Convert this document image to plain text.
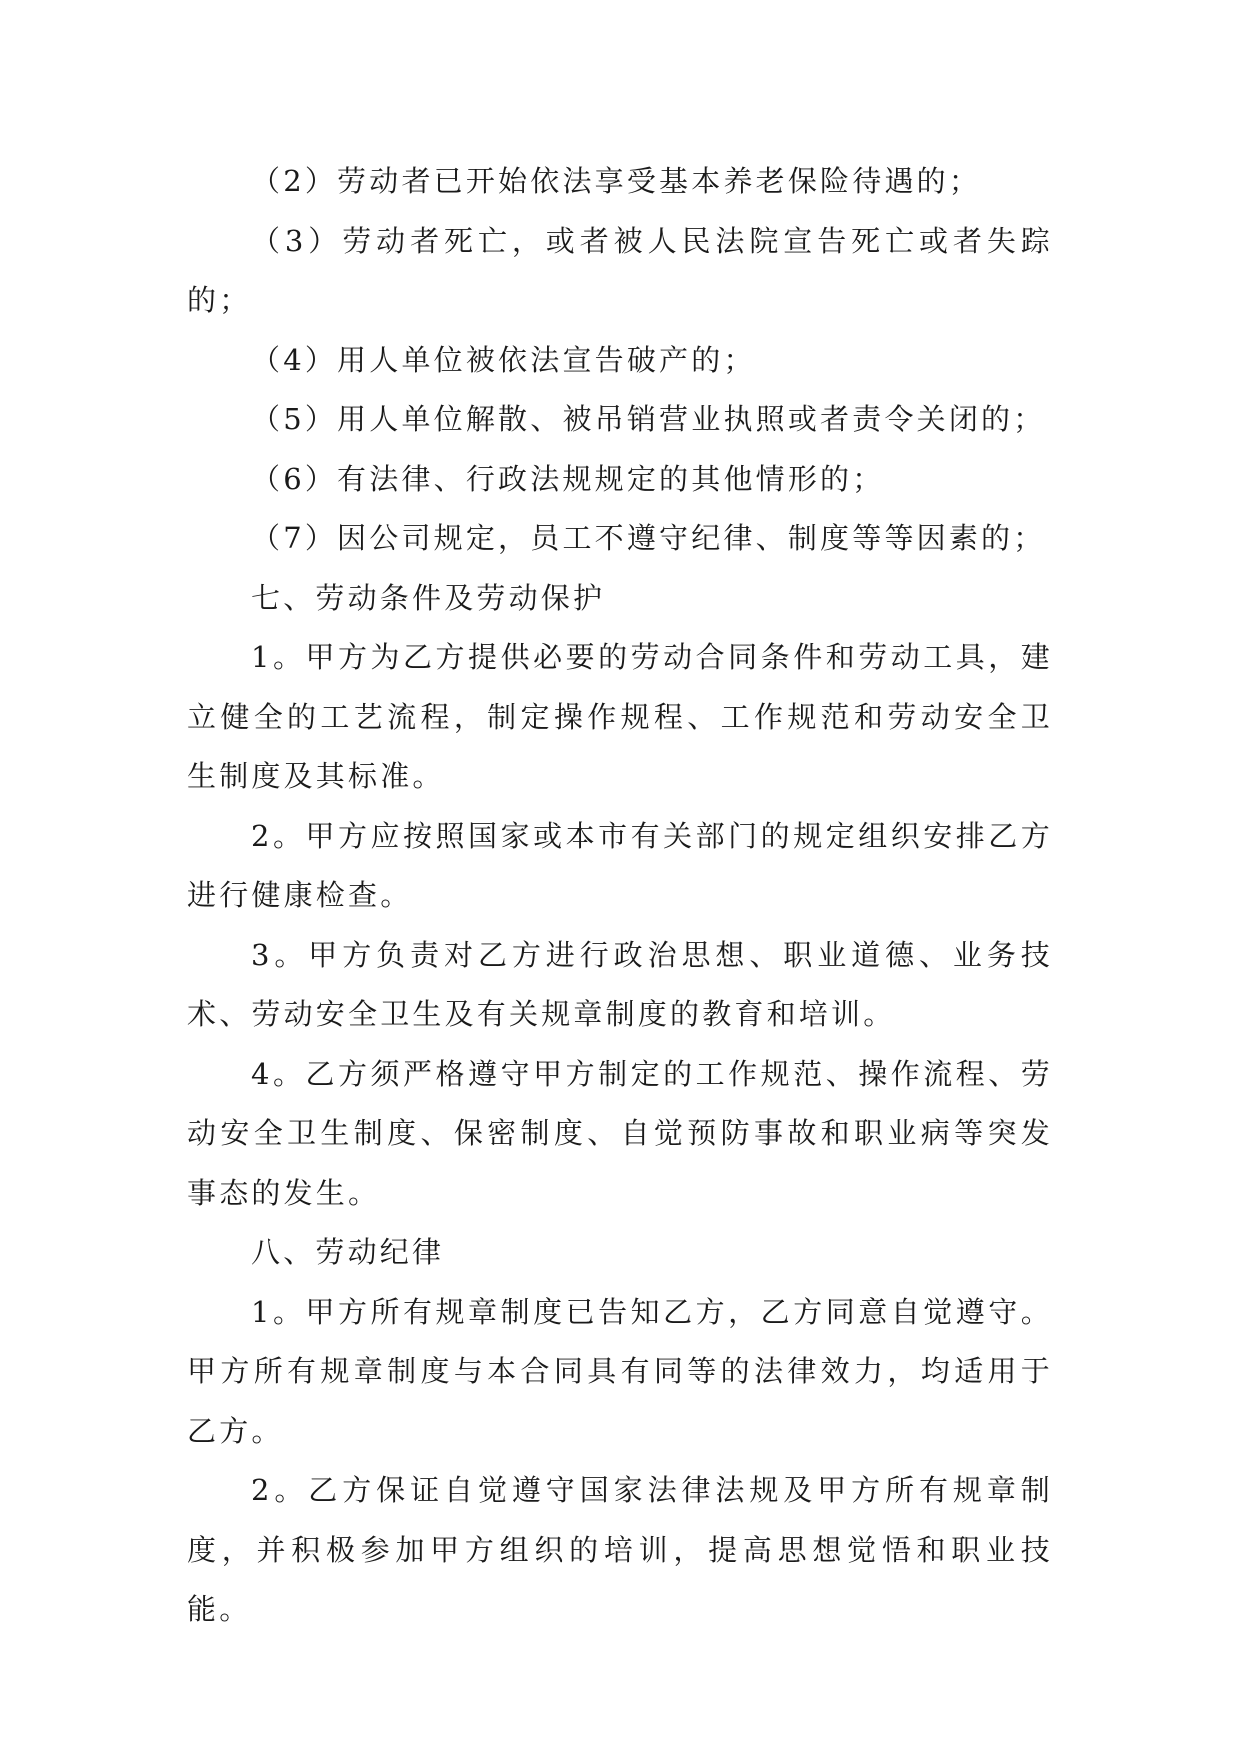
（2）劳动者已开始依法享受基本养老保险待遇的；

（3）劳动者死亡，或者被人民法院宣告死亡或者失踪的；

（4）用人单位被依法宣告破产的；

（5）用人单位解散、被吊销营业执照或者责令关闭的；

（6）有法律、行政法规规定的其他情形的；

（7）因公司规定，员工不遵守纪律、制度等等因素的；

七、劳动条件及劳动保护

1。甲方为乙方提供必要的劳动合同条件和劳动工具，建立健全的工艺流程，制定操作规程、工作规范和劳动安全卫生制度及其标准。

2。甲方应按照国家或本市有关部门的规定组织安排乙方进行健康检查。

3。甲方负责对乙方进行政治思想、职业道德、业务技术、劳动安全卫生及有关规章制度的教育和培训。

4。乙方须严格遵守甲方制定的工作规范、操作流程、劳动安全卫生制度、保密制度、自觉预防事故和职业病等突发事态的发生。

八、劳动纪律

1。甲方所有规章制度已告知乙方，乙方同意自觉遵守。甲方所有规章制度与本合同具有同等的法律效力，均适用于乙方。

2。乙方保证自觉遵守国家法律法规及甲方所有规章制度，并积极参加甲方组织的培训，提高思想觉悟和职业技能。
